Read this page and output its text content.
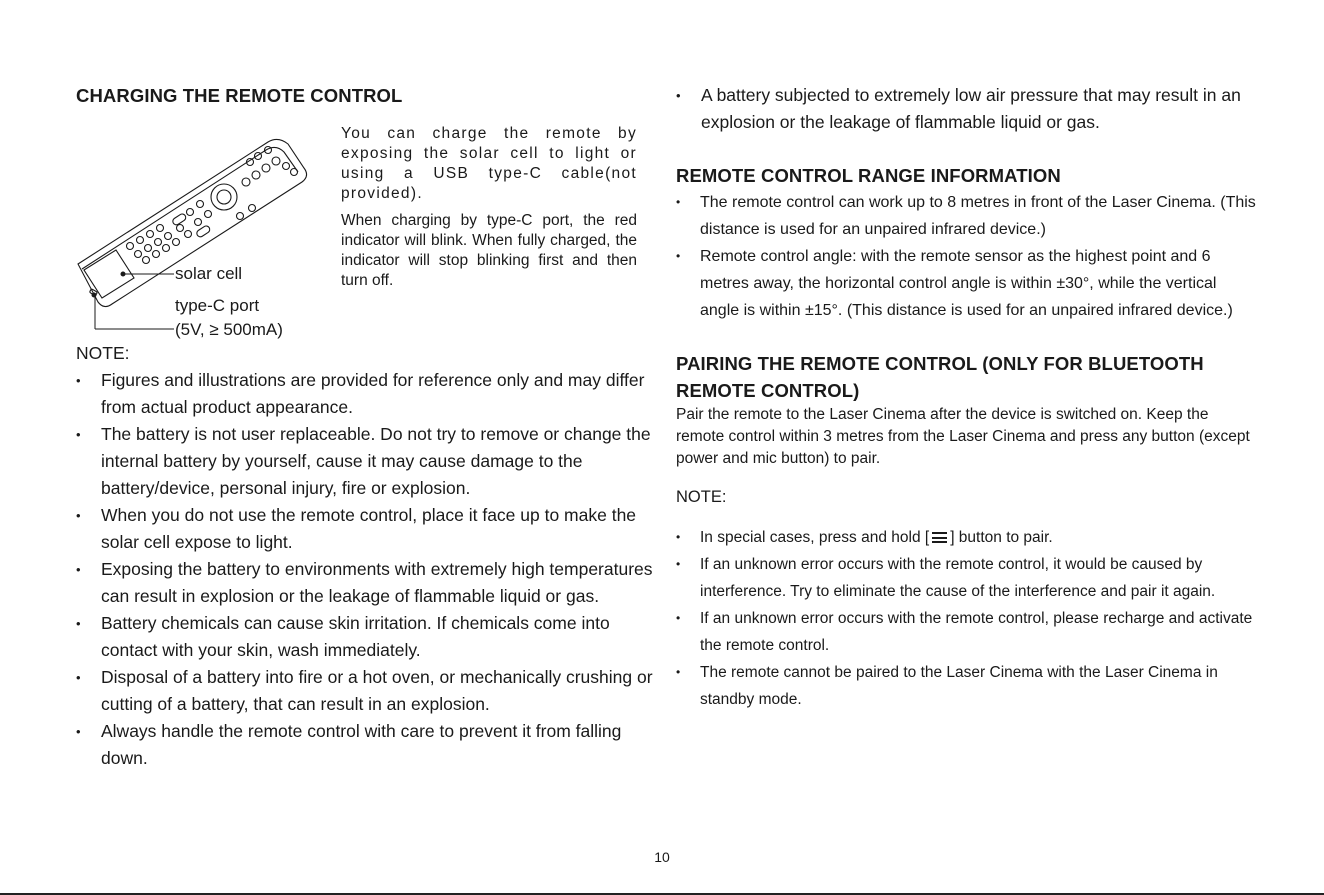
CHARGING THE REMOTE CONTROL
solar cell
type-C port
(5V, ≥ 500mA)

You can charge the remote by exposing the solar cell to light or using a USB type-C cable(not provided).

When charging by type-C port, the red indicator will blink. When fully charged, the indicator will stop blinking first and then turn off.

NOTE:

• Figures and illustrations are provided for reference only and may differ from actual product appearance.
• The battery is not user replaceable. Do not try to remove or change the internal battery by yourself, cause it may cause damage to the battery/device, personal injury, fire or explosion.
• When you do not use the remote control, place it face up to make the solar cell expose to light.
• Exposing the battery to environments with extremely high temperatures can result in explosion or the leakage of flammable liquid or gas.
• Battery chemicals can cause skin irritation. If chemicals come into contact with your skin, wash immediately.
• Disposal of a battery into fire or a hot oven, or mechanically crushing or cutting of a battery, that can result in an explosion.
• Always handle the remote control with care to prevent it from falling down.
• A battery subjected to extremely low air pressure that may result in an explosion or the leakage of flammable liquid or gas.
REMOTE CONTROL RANGE INFORMATION
• The remote control can work up to 8 metres in front of the Laser Cinema. (This distance is used for an unpaired infrared device.)
• Remote control angle: with the remote sensor as the highest point and 6 metres away, the horizontal control angle is within ±30°, while the vertical angle is within ±15°. (This distance is used for an unpaired infrared device.)
PAIRING THE REMOTE CONTROL (ONLY FOR BLUETOOTH REMOTE CONTROL)

Pair the remote to the Laser Cinema after the device is switched on. Keep the remote control within 3 metres from the Laser Cinema and press any button (except power and mic button) to pair.

NOTE:

• In special cases, press and hold [ ] button to pair.
• If an unknown error occurs with the remote control, it would be caused by interference. Try to eliminate the cause of the interference and pair it again.
• If an unknown error occurs with the remote control, please recharge and activate the remote control.
• The remote cannot be paired to the Laser Cinema with the Laser Cinema in standby mode.
10
